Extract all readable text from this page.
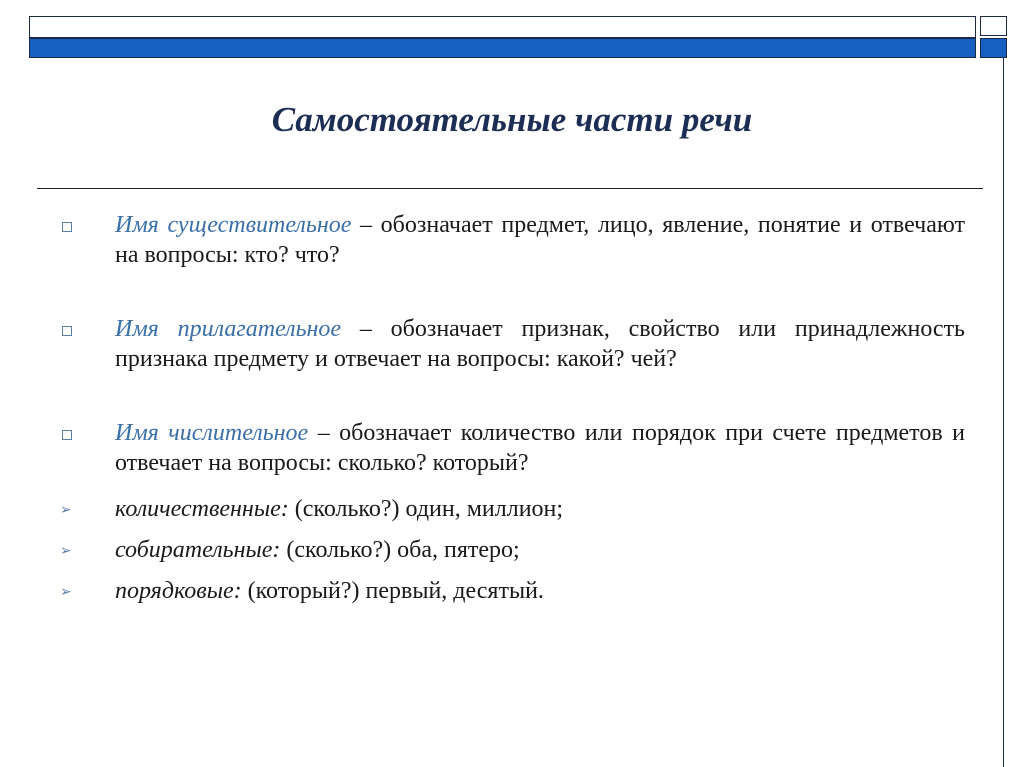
Самостоятельные части речи
Имя существительное – обозначает предмет, лицо, явление, понятие и отвечают на вопросы: кто? что?
Имя прилагательное – обозначает признак, свойство или принадлежность признака предмету и отвечает на вопросы: какой? чей?
Имя числительное – обозначает количество или порядок при счете предметов и отвечает на вопросы: сколько? который?
➢ количественные: (сколько?) один, миллион;
➢ собирательные: (сколько?) оба, пятеро;
➢ порядковые: (который?) первый, десятый.
